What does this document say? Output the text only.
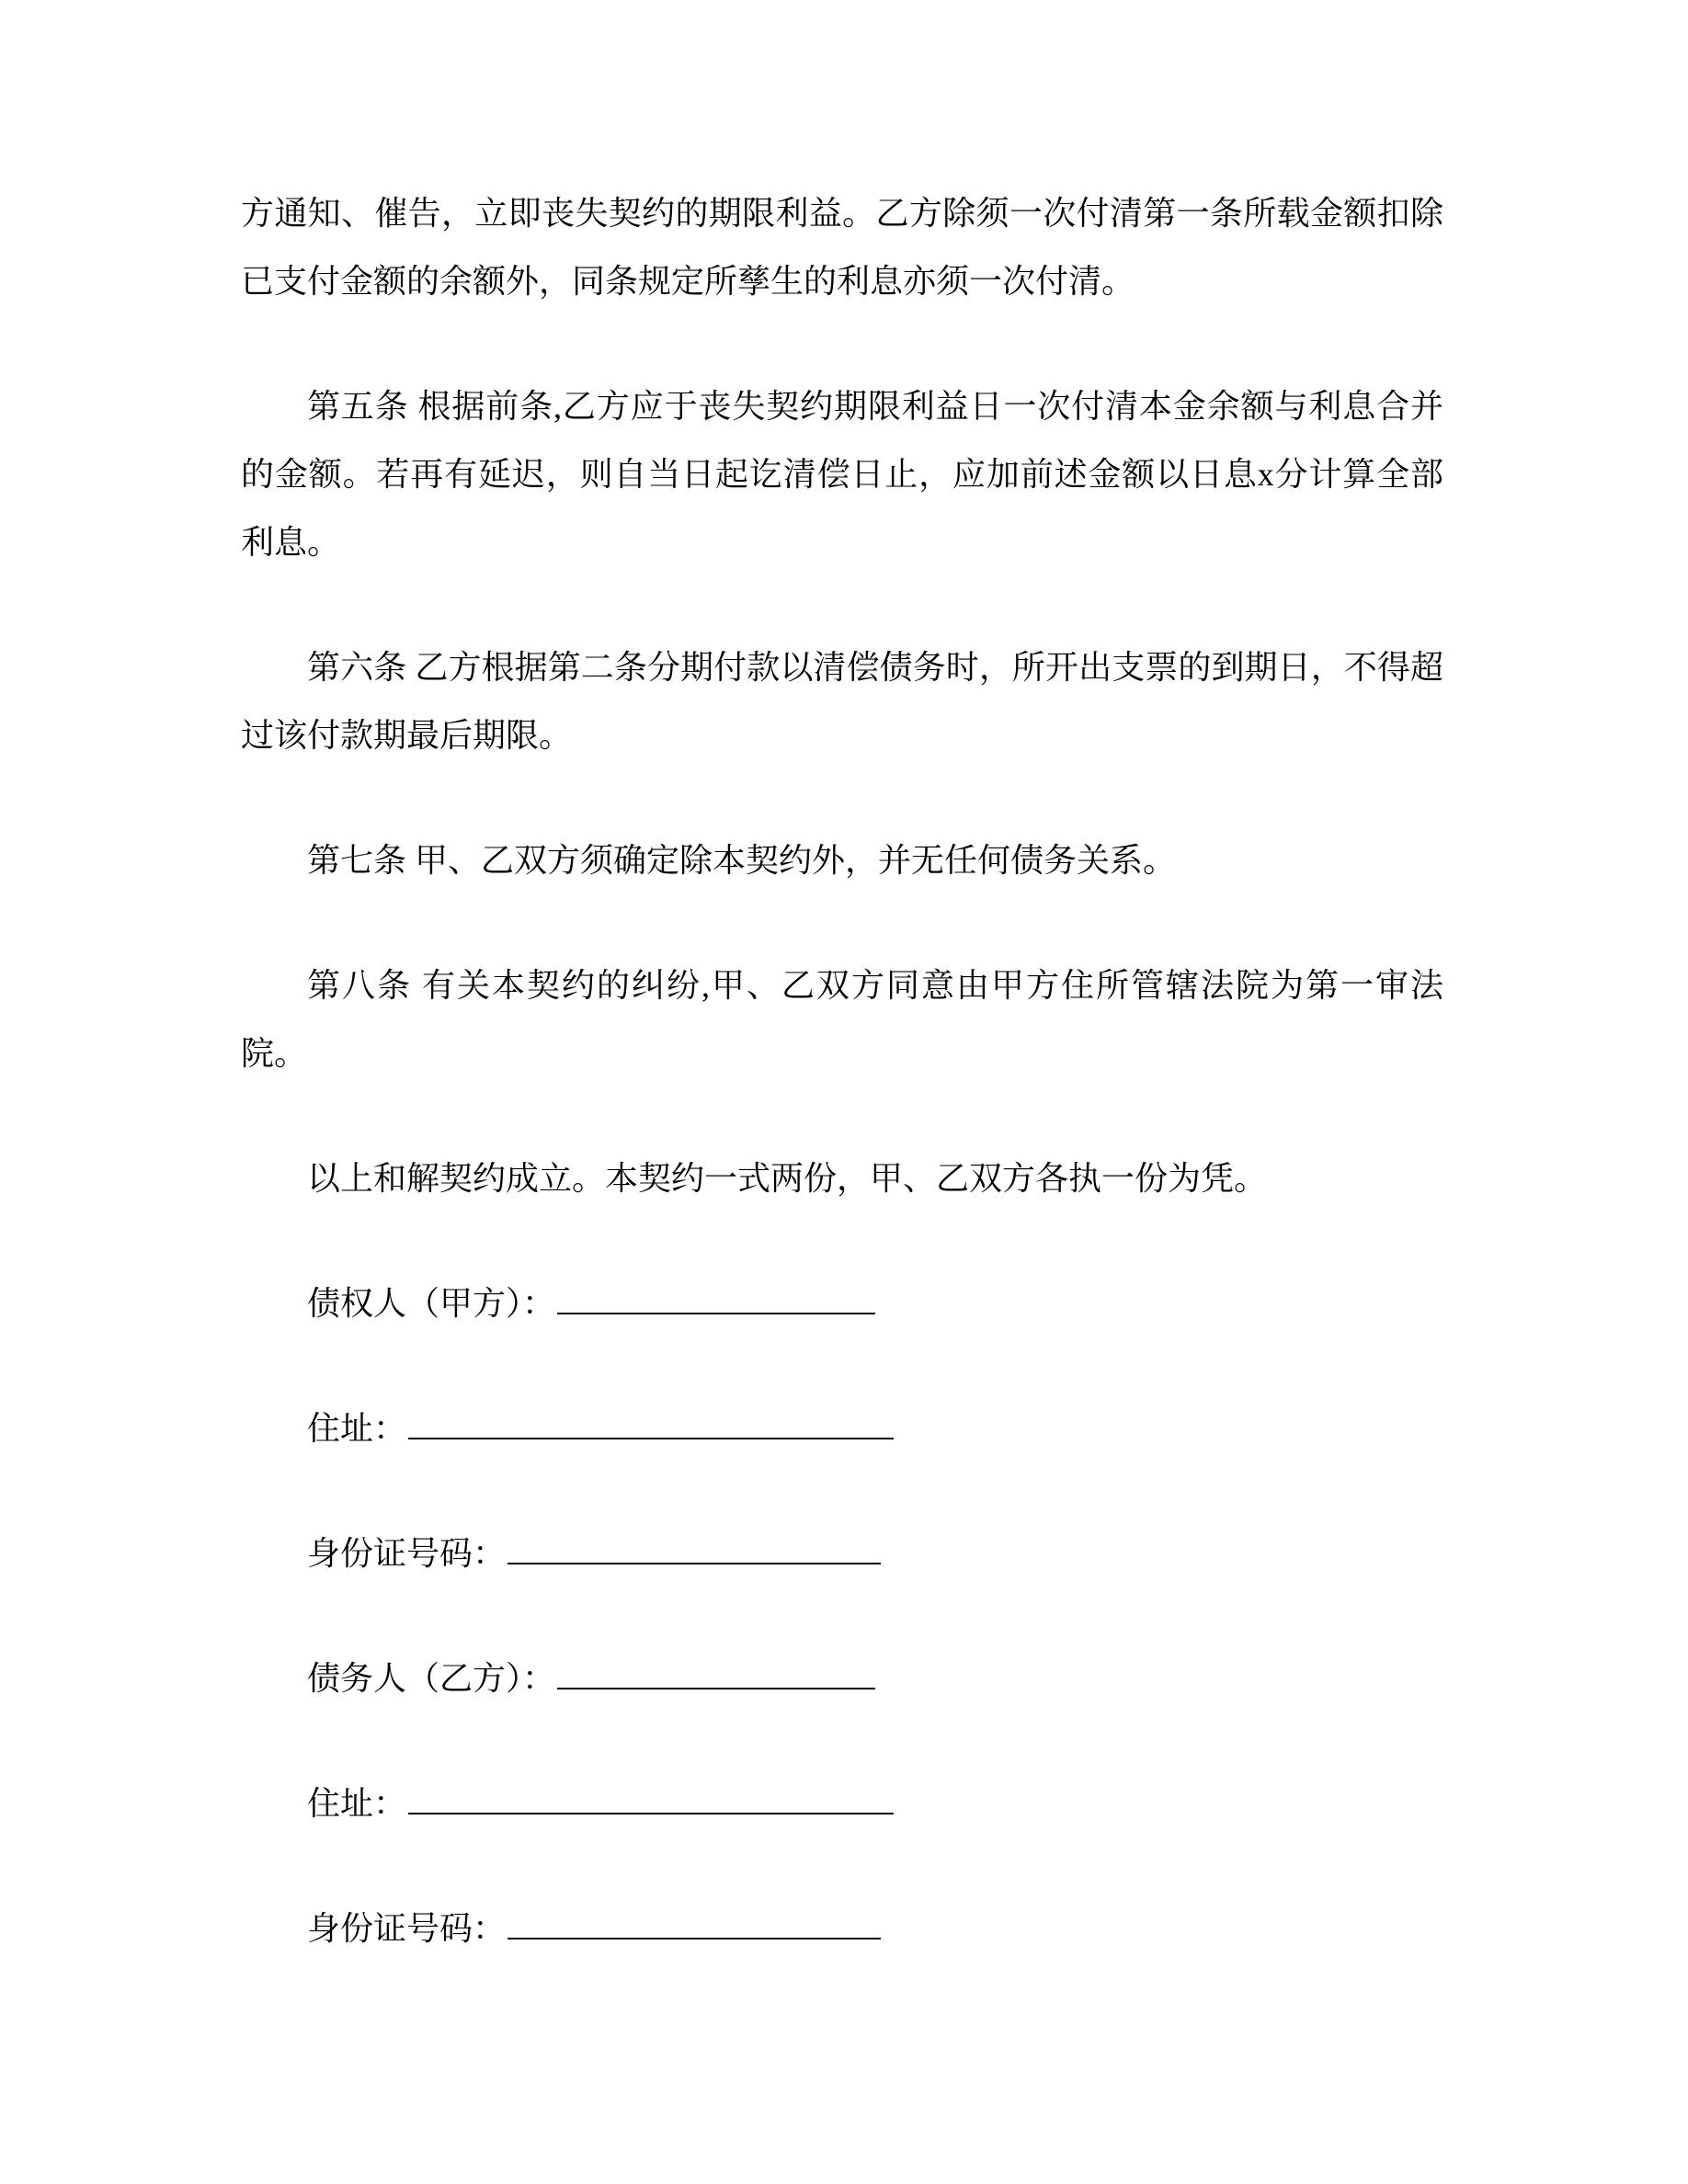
方通知、催告，立即丧失契约的期限利益。乙方除须一次付清第一条所载金额扣除已支付金额的余额外，同条规定所孳生的利息亦须一次付清。

第五条 根据前条,乙方应于丧失契约期限利益日一次付清本金余额与利息合并的金额。若再有延迟，则自当日起讫清偿日止，应加前述金额以日息x分计算全部利息。

第六条 乙方根据第二条分期付款以清偿债务时，所开出支票的到期日，不得超过该付款期最后期限。

第七条 甲、乙双方须确定除本契约外，并无任何债务关系。

第八条 有关本契约的纠纷,甲、乙双方同意由甲方住所管辖法院为第一审法院。

以上和解契约成立。本契约一式两份，甲、乙双方各执一份为凭。

债权人（甲方）：
住址：
身份证号码：
债务人（乙方）：
住址：
身份证号码：
